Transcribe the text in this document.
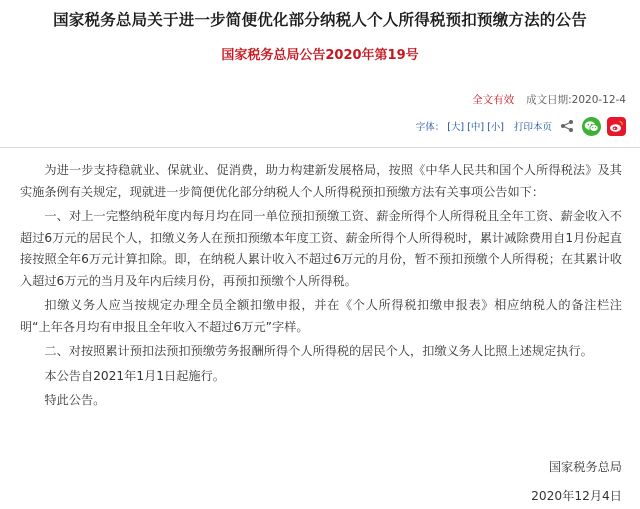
国家税务总局关于进一步简便优化部分纳税人个人所得税预扣预缴方法的公告
国家税务总局公告2020年第19号
全文有效 成文日期:2020-12-4
字体： [大] [中] [小] 打印本页

为进一步支持稳就业、保就业、促消费，助力构建新发展格局，按照《中华人民共和国个人所得税法》及其实施条例有关规定，现就进一步简便优化部分纳税人个人所得税预扣预缴方法有关事项公告如下：

一、对上一完整纳税年度内每月均在同一单位预扣预缴工资、薪金所得个人所得税且全年工资、薪金收入不超过6万元的居民个人，扣缴义务人在预扣预缴本年度工资、薪金所得个人所得税时，累计减除费用自1月份起直接按照全年6万元计算扣除。即，在纳税人累计收入不超过6万元的月份，暂不预扣预缴个人所得税；在其累计收入超过6万元的当月及年内后续月份，再预扣预缴个人所得税。

扣缴义务人应当按规定办理全员全额扣缴申报，并在《个人所得税扣缴申报表》相应纳税人的备注栏注明“上年各月均有申报且全年收入不超过6万元”字样。

二、对按照累计预扣法预扣预缴劳务报酬所得个人所得税的居民个人，扣缴义务人比照上述规定执行。

本公告自2021年1月1日起施行。

特此公告。

国家税务总局
2020年12月4日
